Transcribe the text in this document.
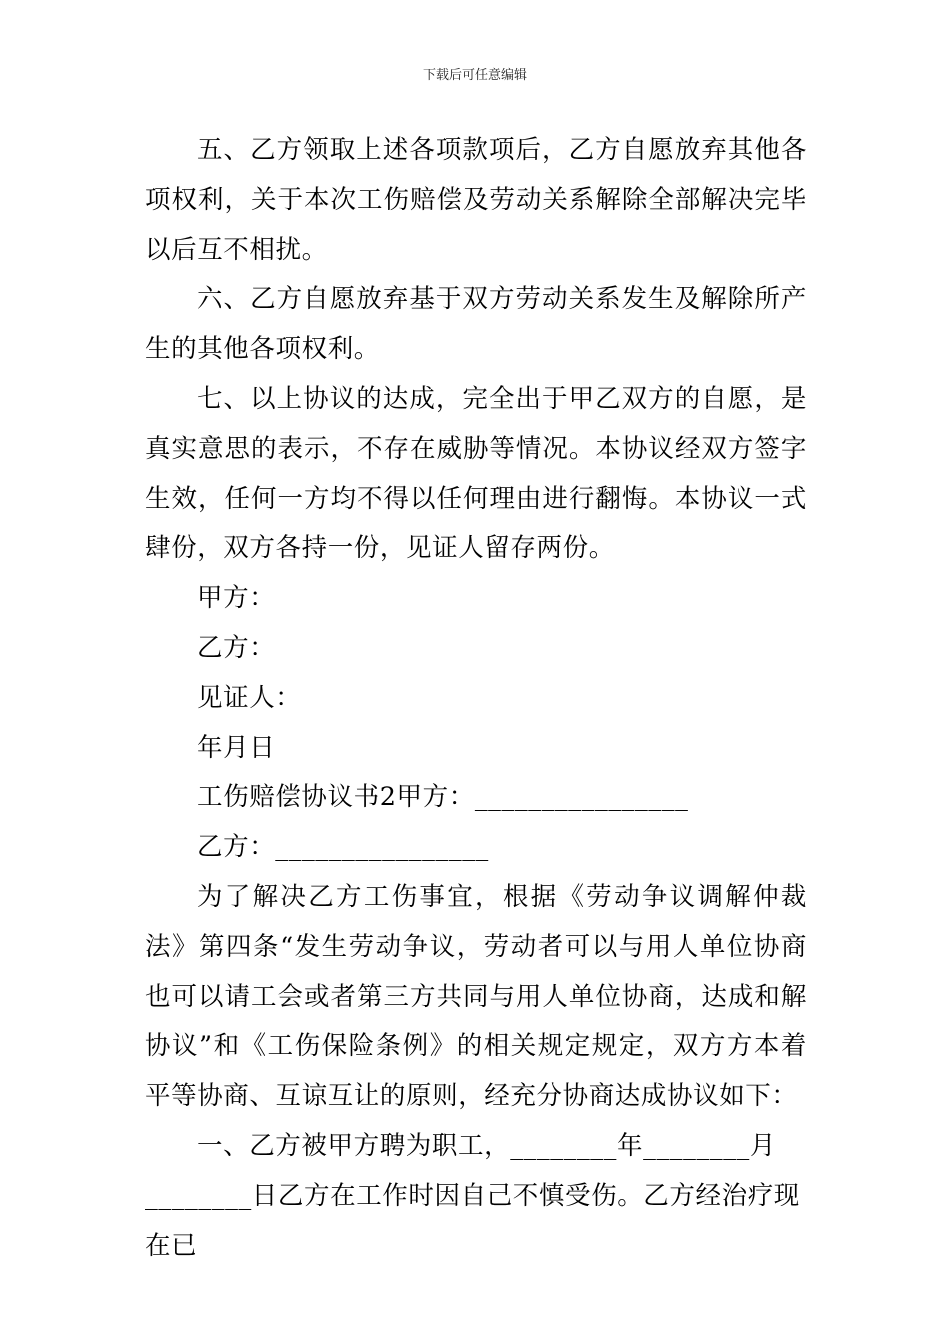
下载后可任意编辑

五、乙方领取上述各项款项后，乙方自愿放弃其他各项权利，关于本次工伤赔偿及劳动关系解除全部解决完毕以后互不相扰。

六、乙方自愿放弃基于双方劳动关系发生及解除所产生的其他各项权利。

七、以上协议的达成，完全出于甲乙双方的自愿，是真实意思的表示，不存在威胁等情况。本协议经双方签字生效，任何一方均不得以任何理由进行翻悔。本协议一式肆份，双方各持一份，见证人留存两份。

甲方：

乙方：

见证人：

年月日

工伤赔偿协议书2甲方：________________

乙方：________________

为了解决乙方工伤事宜，根据《劳动争议调解仲裁法》第四条“发生劳动争议，劳动者可以与用人单位协商也可以请工会或者第三方共同与用人单位协商，达成和解协议”和《工伤保险条例》的相关规定规定，双方方本着平等协商、互谅互让的原则，经充分协商达成协议如下：

一、乙方被甲方聘为职工，________年________月________日乙方在工作时因自己不慎受伤。乙方经治疗现在已
